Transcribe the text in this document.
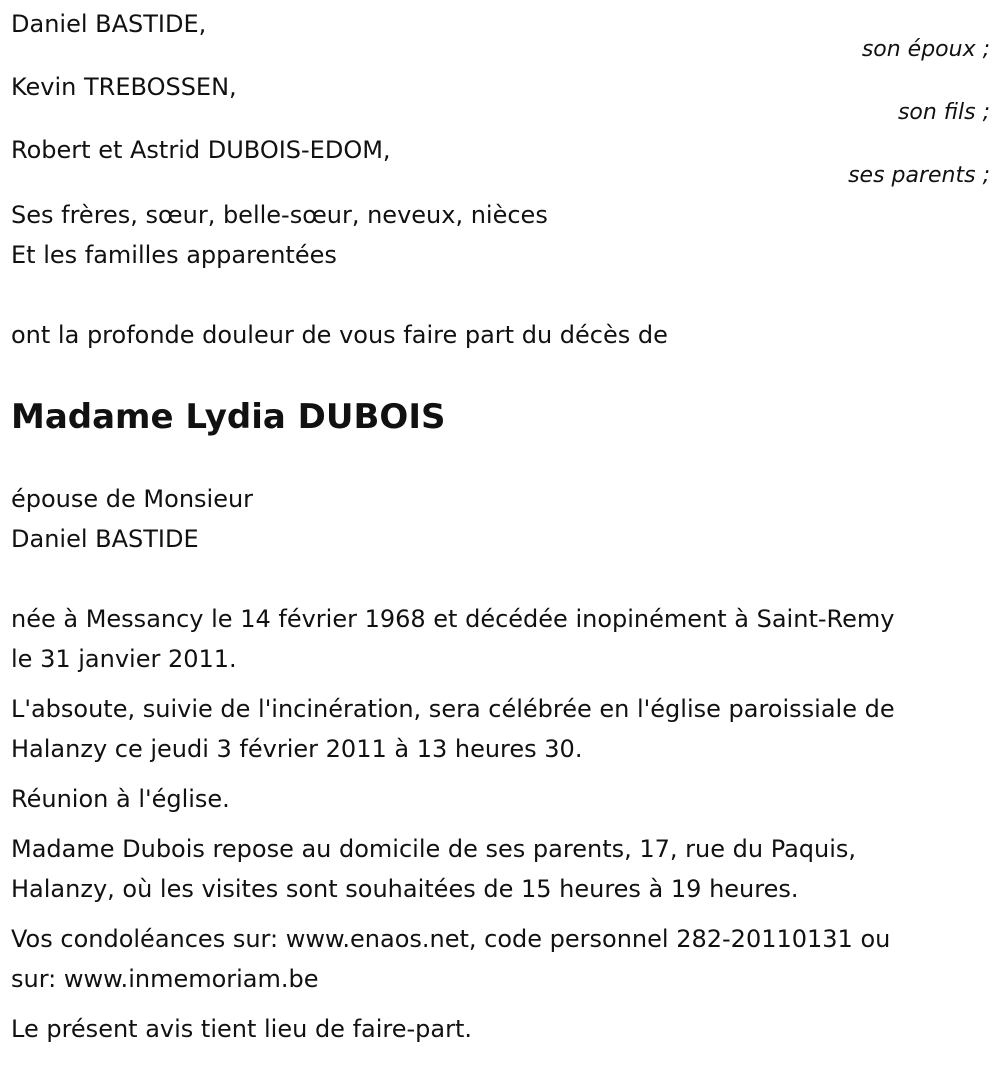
Daniel BASTIDE,
son époux ;
Kevin TREBOSSEN,
son fils ;
Robert et Astrid DUBOIS-EDOM,
ses parents ;
Ses frères, sœur, belle-sœur, neveux, nièces
Et les familles apparentées
ont la profonde douleur de vous faire part du décès de
Madame Lydia DUBOIS
épouse de Monsieur
Daniel BASTIDE
née à Messancy le 14 février 1968 et décédée inopinément à Saint-Remy
le 31 janvier 2011.
L'absoute, suivie de l'incinération, sera célébrée en l'église paroissiale de
Halanzy ce jeudi 3 février 2011 à 13 heures 30.
Réunion à l'église.
Madame Dubois repose au domicile de ses parents, 17, rue du Paquis,
Halanzy, où les visites sont souhaitées de 15 heures à 19 heures.
Vos condoléances sur: www.enaos.net, code personnel 282-20110131 ou
sur: www.inmemoriam.be
Le présent avis tient lieu de faire-part.
